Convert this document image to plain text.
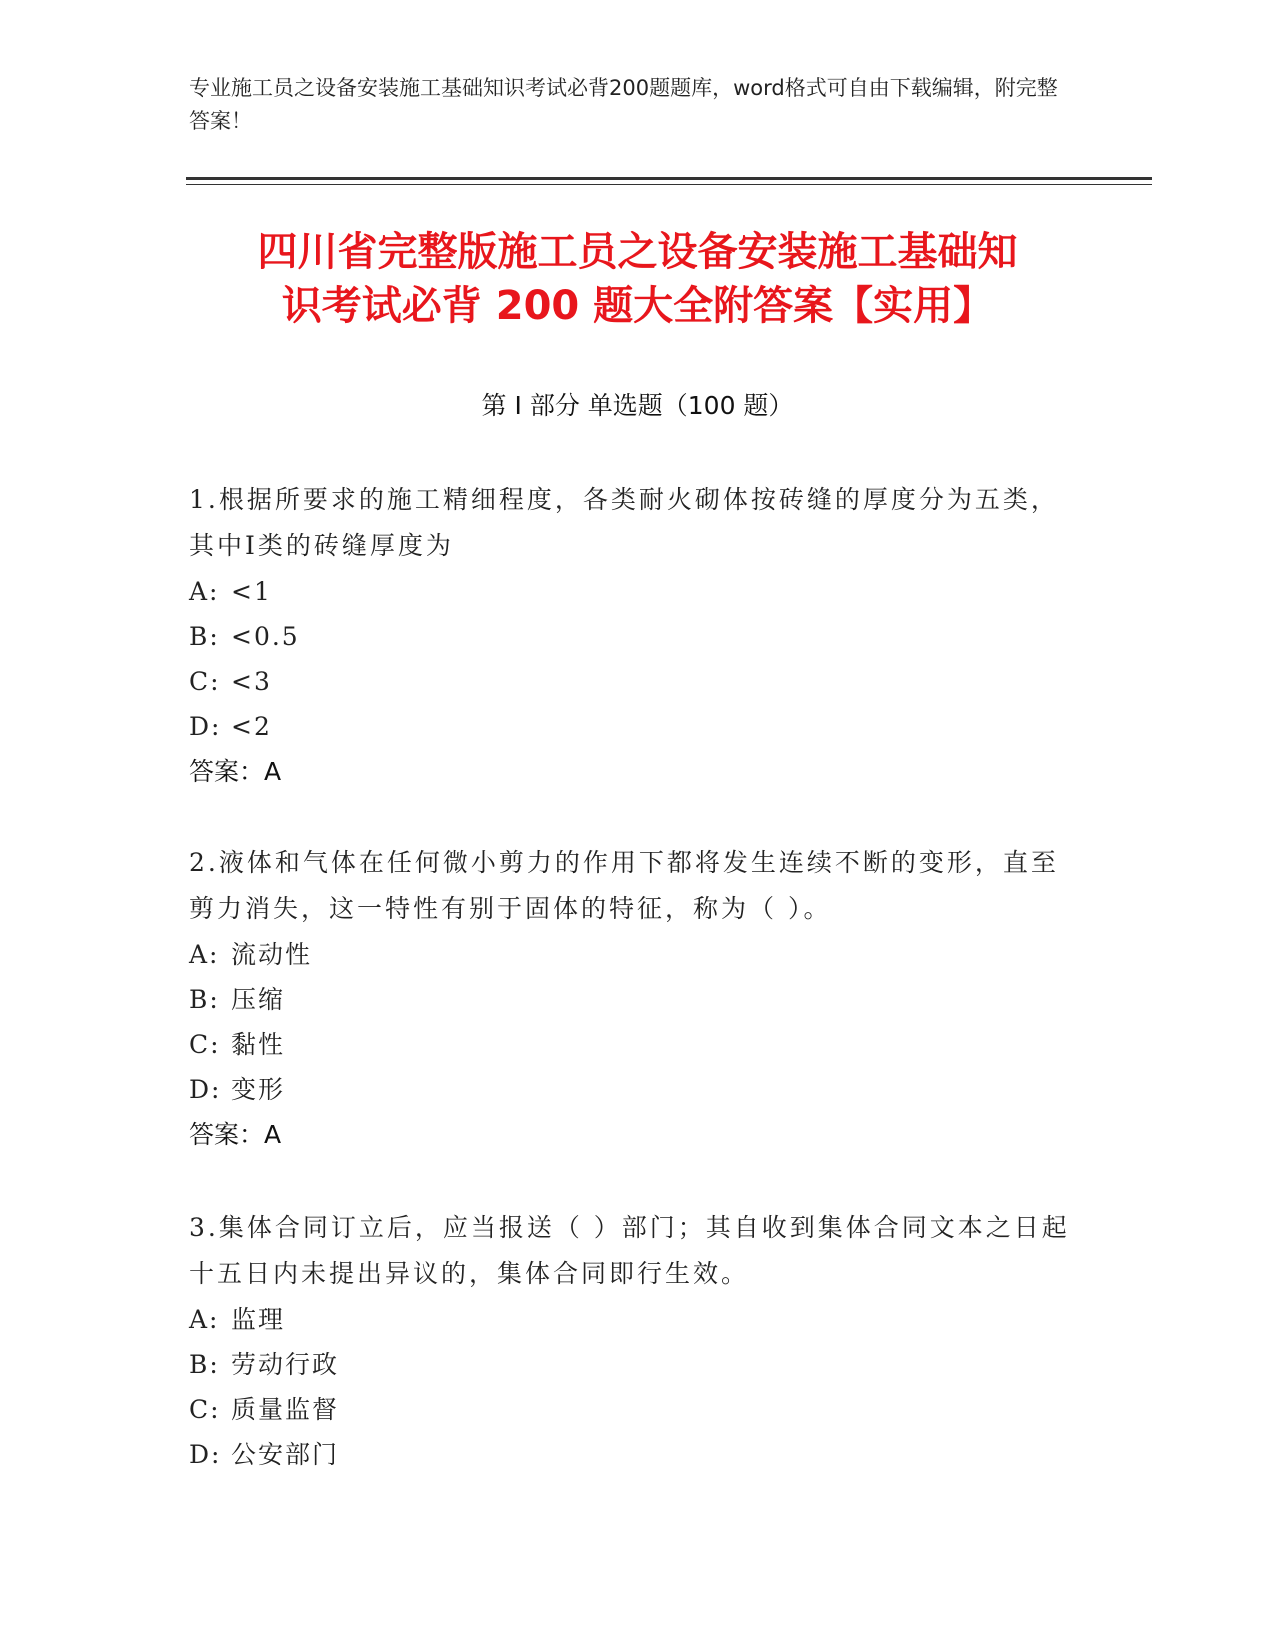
专业施工员之设备安装施工基础知识考试必背200题题库，word格式可自由下载编辑，附完整答案！
四川省完整版施工员之设备安装施工基础知
识考试必背 200 题大全附答案【实用】
第 I 部分 单选题（100 题）
1.根据所要求的施工精细程度，各类耐火砌体按砖缝的厚度分为五类，其中Ⅰ类的砖缝厚度为
A: <1
B: <0.5
C: <3
D: <2
答案：A
2.液体和气体在任何微小剪力的作用下都将发生连续不断的变形，直至剪力消失，这一特性有别于固体的特征，称为（ ）。
A: 流动性
B: 压缩
C: 黏性
D: 变形
答案：A
3.集体合同订立后，应当报送（ ）部门；其自收到集体合同文本之日起十五日内未提出异议的，集体合同即行生效。
A: 监理
B: 劳动行政
C: 质量监督
D: 公安部门
